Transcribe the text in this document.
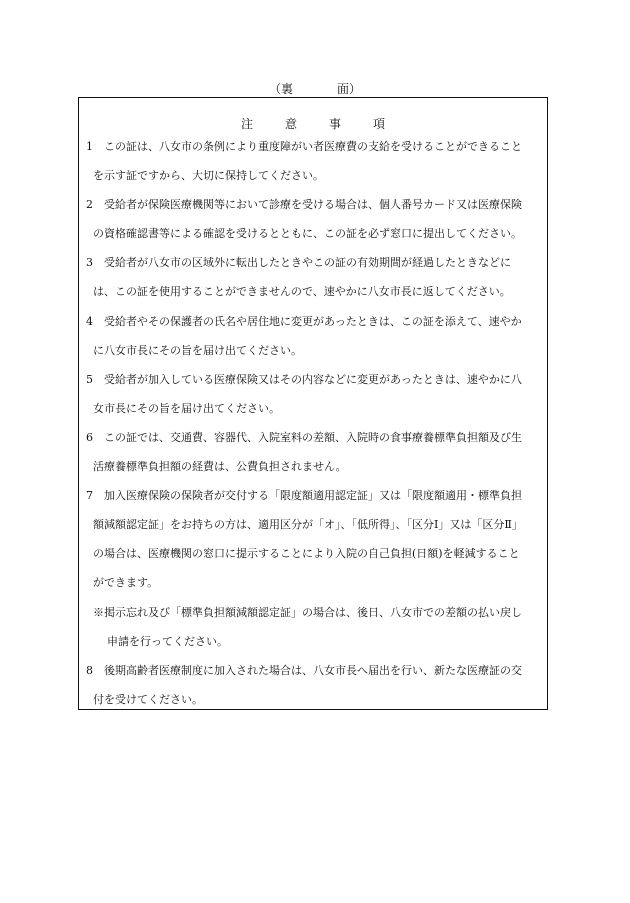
（裏	面）
注	意	事	項
1　この証は、八女市の条例により重度障がい者医療費の支給を受けることができること
を示す証ですから、大切に保持してください。
2　受給者が保険医療機関等において診療を受ける場合は、個人番号カード又は医療保険
の資格確認書等による確認を受けるとともに、この証を必ず窓口に提出してください。
3　受給者が八女市の区域外に転出したときやこの証の有効期間が経過したときなどに
は、この証を使用することができませんので、速やかに八女市長に返してください。
4　受給者やその保護者の氏名や居住地に変更があったときは、この証を添えて、速やか
に八女市長にその旨を届け出てください。
5　受給者が加入している医療保険又はその内容などに変更があったときは、速やかに八
女市長にその旨を届け出てください。
6　この証では、交通費、容器代、入院室料の差額、入院時の食事療養標準負担額及び生
活療養標準負担額の経費は、公費負担されません。
7　加入医療保険の保険者が交付する「限度額適用認定証」又は「限度額適用・標準負担
額減額認定証」をお持ちの方は、適用区分が「オ」、「低所得」、「区分Ⅰ」又は「区分Ⅱ」
の場合は、医療機関の窓口に提示することにより入院の自己負担(日額)を軽減すること
ができます。
※掲示忘れ及び「標準負担額減額認定証」の場合は、後日、八女市での差額の払い戻し
申請を行ってください。
8　後期高齢者医療制度に加入された場合は、八女市長へ届出を行い、新たな医療証の交
付を受けてください。
